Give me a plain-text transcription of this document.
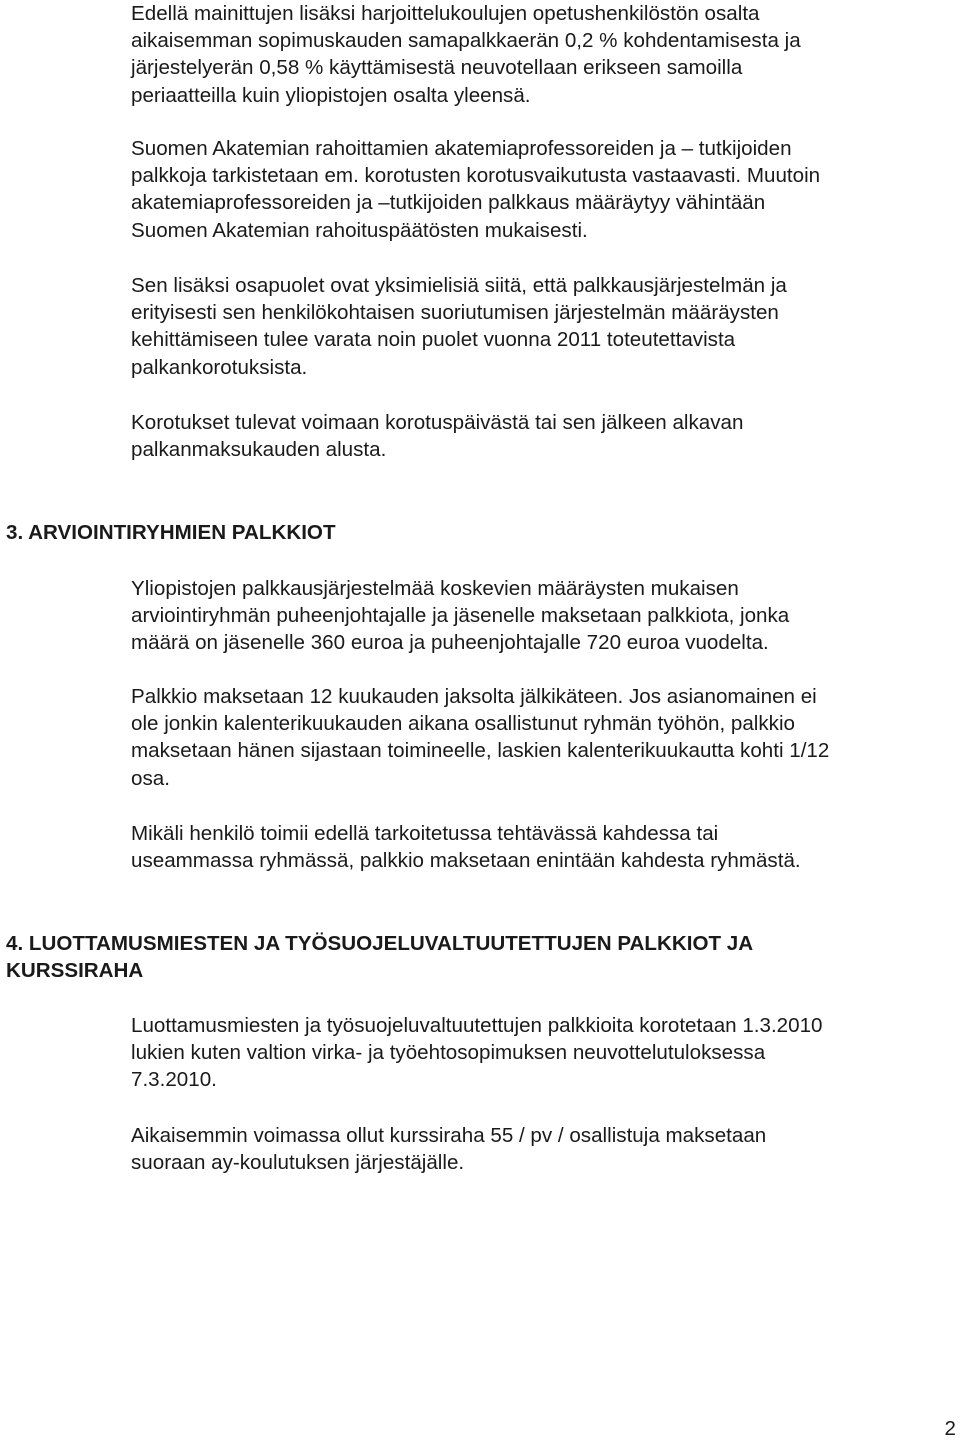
Edellä mainittujen lisäksi harjoittelukoulujen opetushenkilöstön osalta
aikaisemman sopimuskauden samapalkkaerän 0,2 % kohdentamisesta ja
järjestelyerän 0,58 % käyttämisestä neuvotellaan erikseen samoilla
periaatteilla kuin yliopistojen osalta yleensä.

Suomen Akatemian rahoittamien akatemiaprofessoreiden ja – tutkijoiden
palkkoja tarkistetaan em. korotusten korotusvaikutusta vastaavasti. Muutoin
akatemiaprofessoreiden ja –tutkijoiden palkkaus määräytyy vähintään
Suomen Akatemian rahoituspäätösten mukaisesti.

Sen lisäksi osapuolet ovat yksimielisiä siitä, että palkkausjärjestelmän ja
erityisesti sen henkilökohtaisen suoriutumisen järjestelmän määräysten
kehittämiseen tulee varata noin puolet vuonna 2011 toteutettavista
palkankorotuksista.

Korotukset tulevat voimaan korotuspäivästä tai sen jälkeen alkavan
palkanmaksukauden alusta.

3. ARVIOINTIRYHMIEN PALKKIOT

Yliopistojen palkkausjärjestelmää koskevien määräysten mukaisen
arviointiryhmän puheenjohtajalle ja jäsenelle maksetaan palkkiota, jonka
määrä on jäsenelle 360 euroa ja puheenjohtajalle 720 euroa vuodelta.

Palkkio maksetaan 12 kuukauden jaksolta jälkikäteen. Jos asianomainen ei
ole jonkin kalenterikuukauden aikana osallistunut ryhmän työhön, palkkio
maksetaan hänen sijastaan toimineelle, laskien kalenterikuukautta kohti 1/12
osa.

Mikäli henkilö toimii edellä tarkoitetussa tehtävässä kahdessa tai
useammassa ryhmässä, palkkio maksetaan enintään kahdesta ryhmästä.

4. LUOTTAMUSMIESTEN JA TYÖSUOJELUVALTUUTETTUJEN PALKKIOT JA
KURSSIRAHA

Luottamusmiesten ja työsuojeluvaltuutettujen palkkioita korotetaan 1.3.2010
lukien kuten valtion virka- ja työehtosopimuksen neuvottelutuloksessa
7.3.2010.

Aikaisemmin voimassa ollut kurssiraha 55 / pv / osallistuja maksetaan
suoraan ay-koulutuksen järjestäjälle.

2
